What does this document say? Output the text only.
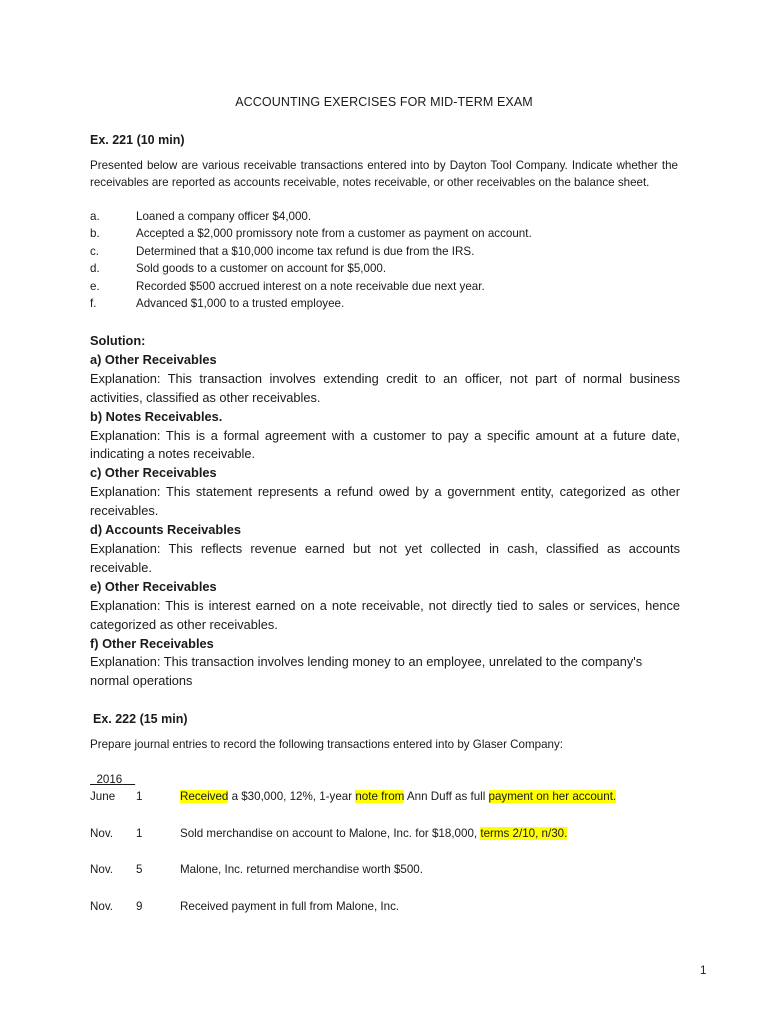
ACCOUNTING EXERCISES FOR MID-TERM EXAM
Ex. 221 (10 min)
Presented below are various receivable transactions entered into by Dayton Tool Company. Indicate whether the receivables are reported as accounts receivable, notes receivable, or other receivables on the balance sheet.
a.	Loaned a company officer $4,000.
b.	Accepted a $2,000 promissory note from a customer as payment on account.
c.	Determined that a $10,000 income tax refund is due from the IRS.
d.	Sold goods to a customer on account for $5,000.
e.	Recorded $500 accrued interest on a note receivable due next year.
f.	Advanced $1,000 to a trusted employee.
Solution:
a) Other Receivables
Explanation: This transaction involves extending credit to an officer, not part of normal business activities, classified as other receivables.
b) Notes Receivables.
Explanation: This is a formal agreement with a customer to pay a specific amount at a future date, indicating a notes receivable.
c) Other Receivables
Explanation: This statement represents a refund owed by a government entity, categorized as other receivables.
d) Accounts Receivables
Explanation: This reflects revenue earned but not yet collected in cash, classified as accounts receivable.
e) Other Receivables
Explanation: This is interest earned on a note receivable, not directly tied to sales or services, hence categorized as other receivables.
f) Other Receivables
Explanation: This transaction involves lending money to an employee, unrelated to the company's normal operations
Ex. 222 (15 min)
Prepare journal entries to record the following transactions entered into by Glaser Company:
2016
June	1	Received a $30,000, 12%, 1-year note from Ann Duff as full payment on her account.
Nov.	1	Sold merchandise on account to Malone, Inc. for $18,000, terms 2/10, n/30.
Nov.	5	Malone, Inc. returned merchandise worth $500.
Nov.	9	Received payment in full from Malone, Inc.
1
